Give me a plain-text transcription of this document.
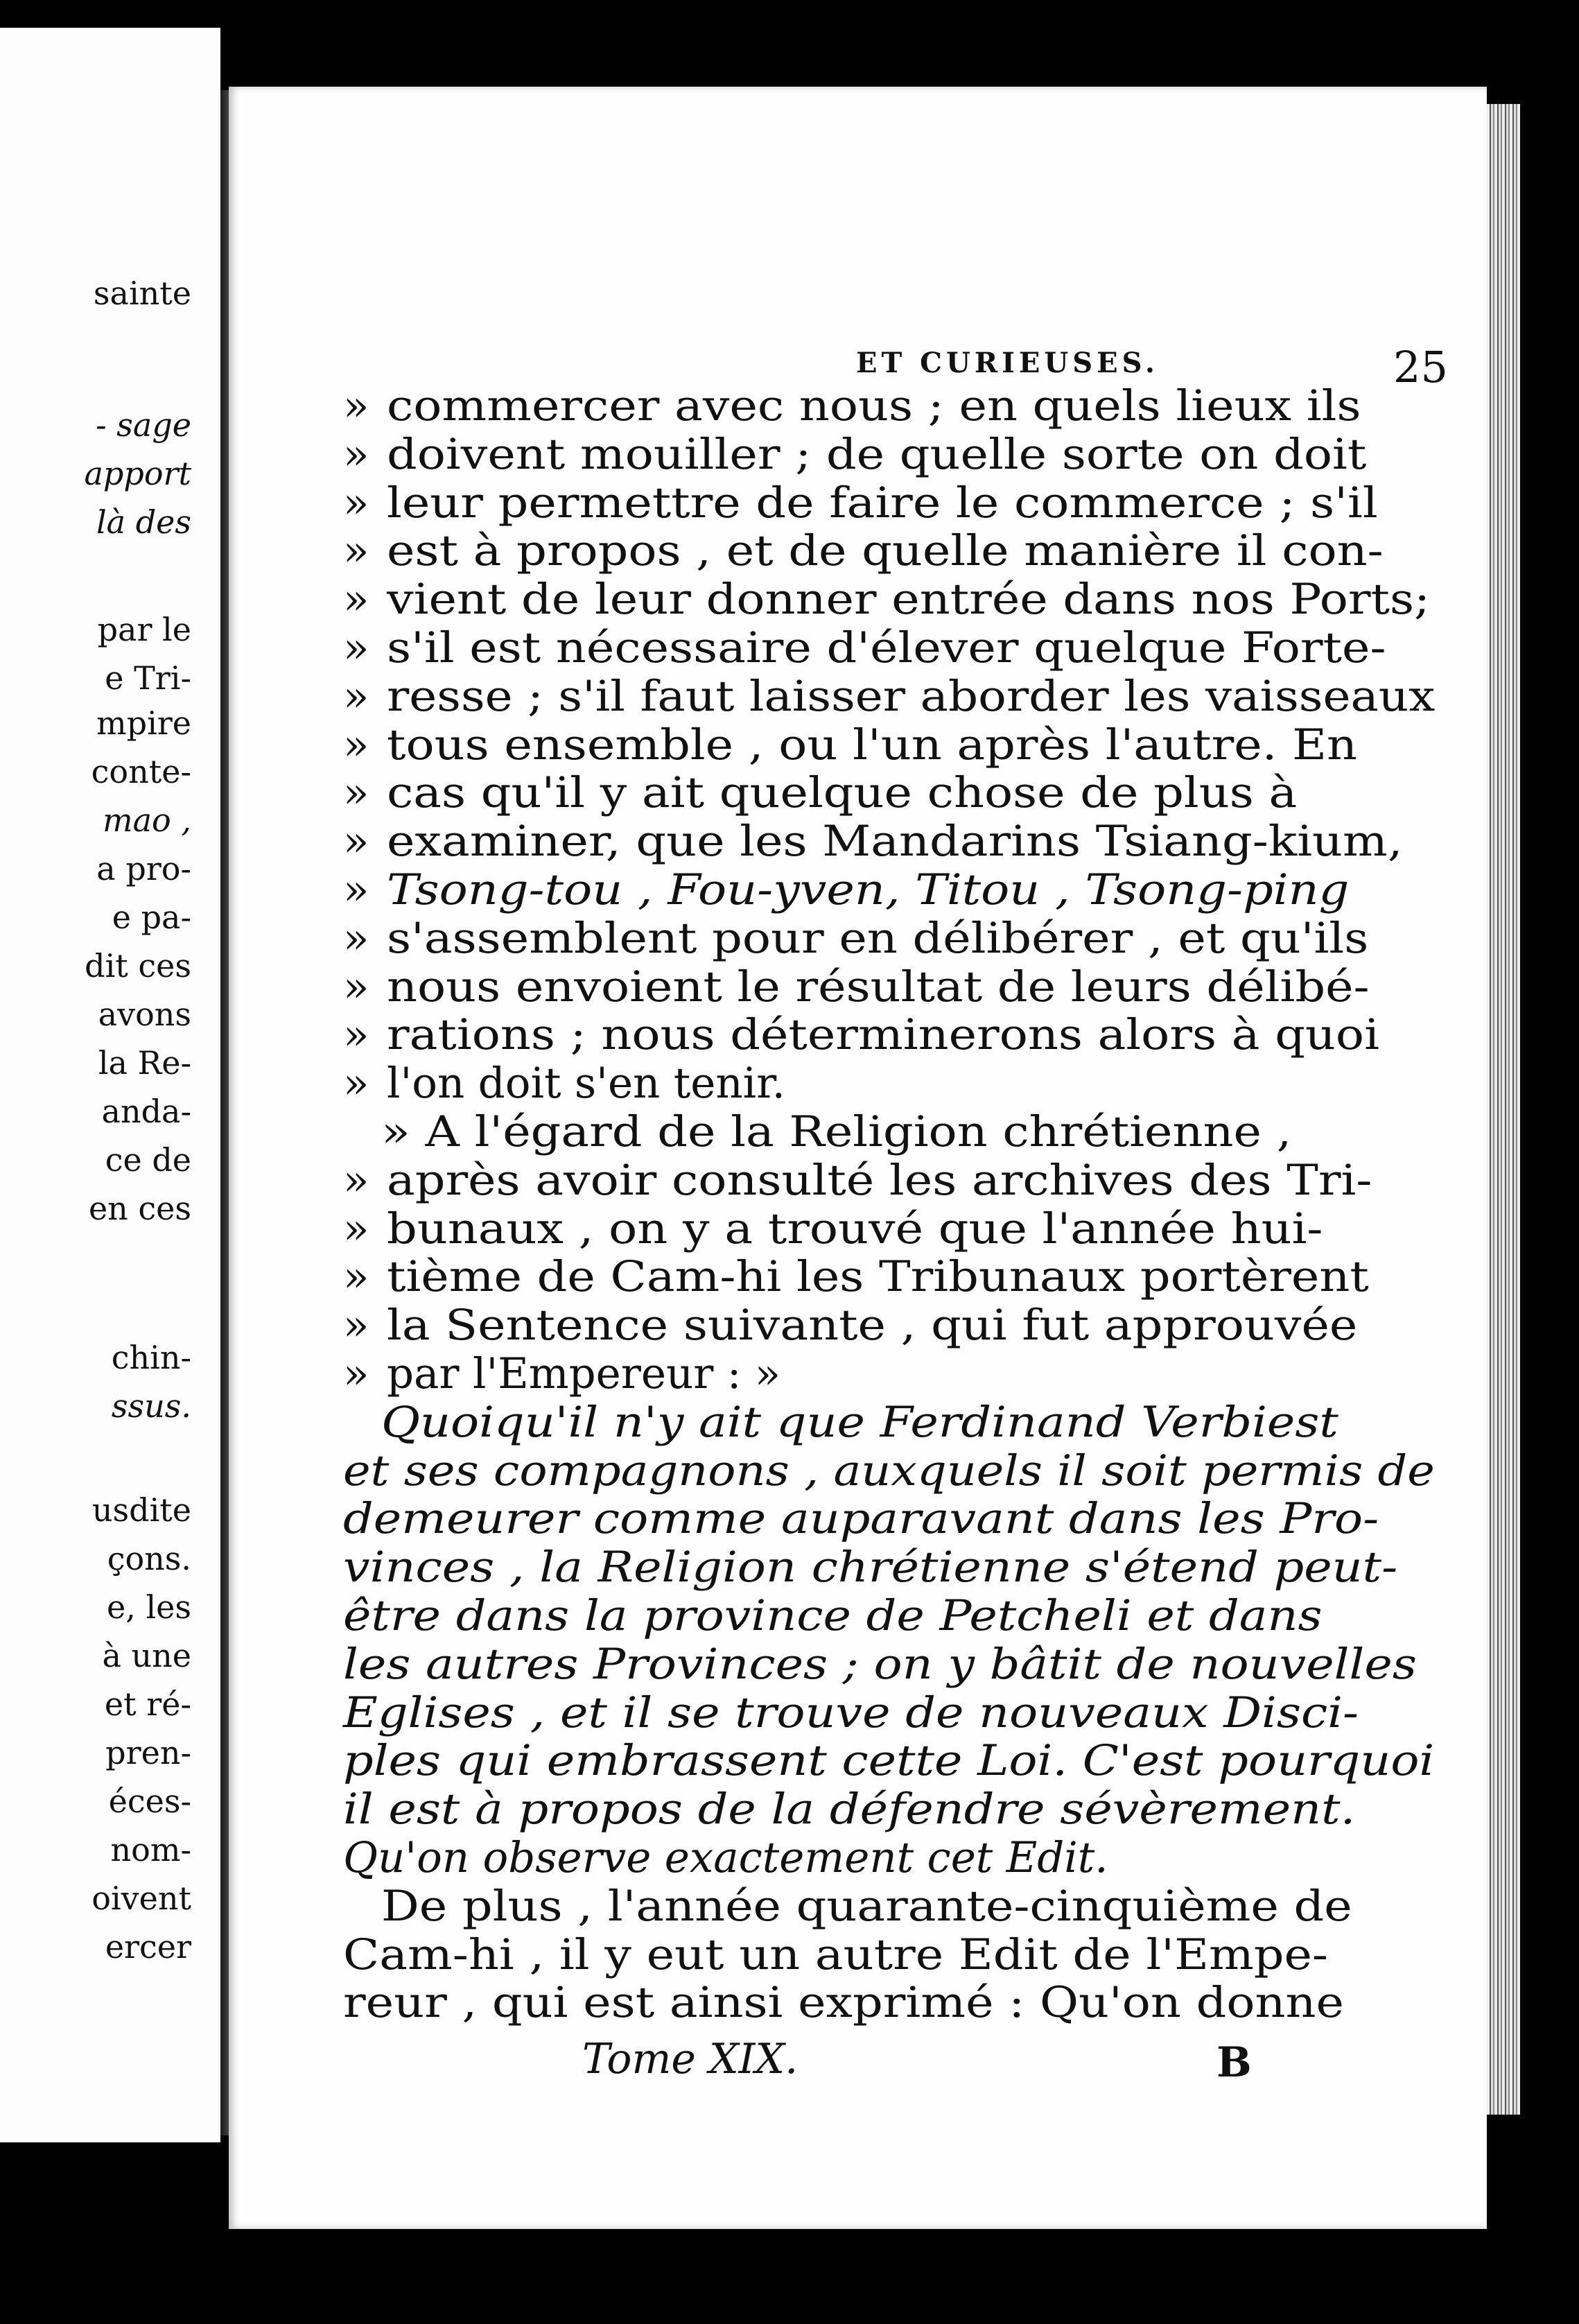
sainte
- sage
apport
là des
par le
e Tri-
mpire
conte-
mao ,
a pro-
e pa-
dit ces
avons
la Re-
anda-
ce de
en ces
chin-
ssus.
usdite
çons.
e, les
à une
et ré-
pren-
éces-
nom-
oivent
ercer
ET CURIEUSES.	25
» commercer avec nous ; en quels lieux ils
» doivent mouiller ; de quelle sorte on doit
» leur permettre de faire le commerce ; s'il
» est à propos , et de quelle manière il con-
» vient de leur donner entrée dans nos Ports;
» s'il est nécessaire d'élever quelque Forte-
» resse ; s'il faut laisser aborder les vaisseaux
» tous ensemble , ou l'un après l'autre. En
» cas qu'il y ait quelque chose de plus à
» examiner, que les Mandarins Tsiang-kium,
» Tsong-tou , Fou-yven, Titou , Tsong-ping
» s'assemblent pour en délibérer , et qu'ils
» nous envoient le résultat de leurs délibé-
» rations ; nous déterminerons alors à quoi
» l'on doit s'en tenir.
» A l'égard de la Religion chrétienne ,
» après avoir consulté les archives des Tri-
» bunaux , on y a trouvé que l'année hui-
» tième de Cam-hi les Tribunaux portèrent
» la Sentence suivante , qui fut approuvée
» par l'Empereur : »
Quoiqu'il n'y ait que Ferdinand Verbiest
et ses compagnons , auxquels il soit permis de
demeurer comme auparavant dans les Pro-
vinces , la Religion chrétienne s'étend peut-
être dans la province de Petcheli et dans
les autres Provinces ; on y bâtit de nouvelles
Eglises , et il se trouve de nouveaux Disci-
ples qui embrassent cette Loi. C'est pourquoi
il est à propos de la défendre sévèrement.
Qu'on observe exactement cet Edit.
De plus , l'année quarante-cinquième de
Cam-hi , il y eut un autre Edit de l'Empe-
reur , qui est ainsi exprimé : Qu'on donne
Tome XIX.	B
